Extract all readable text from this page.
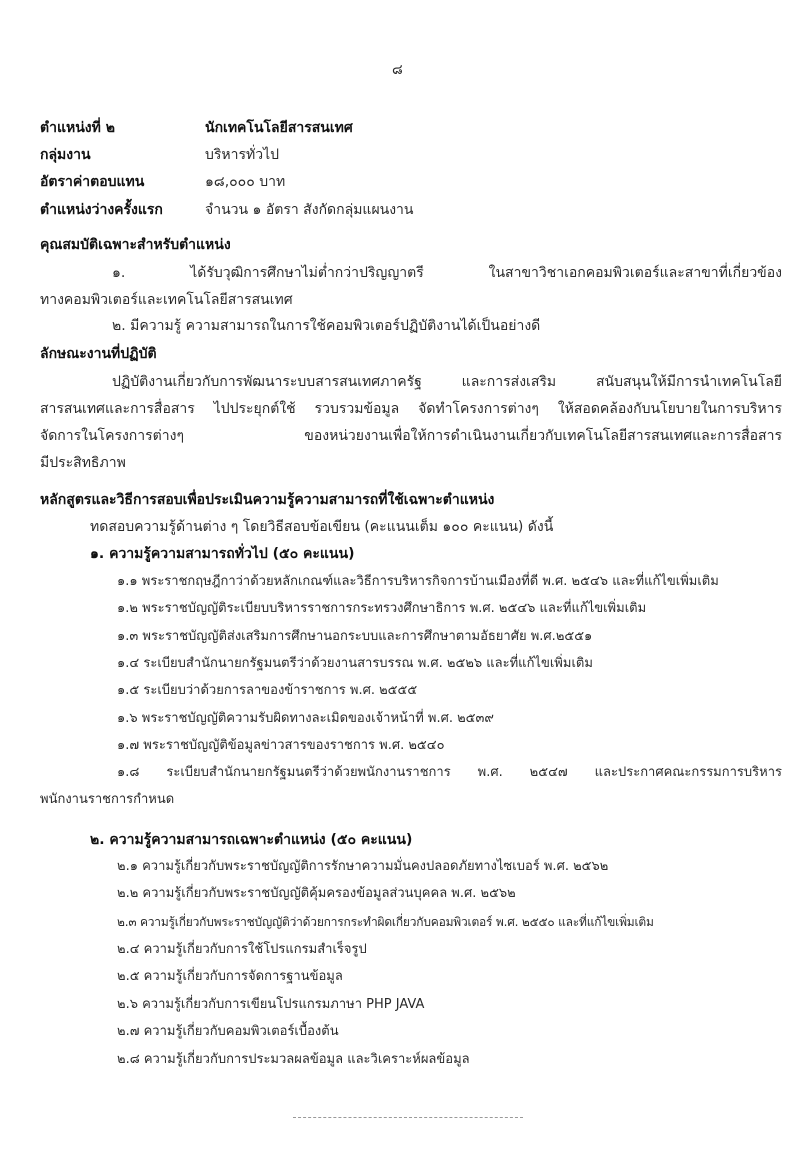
๘
ตำแหน่งที่ ๒	นักเทคโนโลยีสารสนเทศ
กลุ่มงาน	บริหารทั่วไป
อัตราค่าตอบแทน	๑๘,๐๐๐ บาท
ตำแหน่งว่างครั้งแรก	จำนวน ๑ อัตรา สังกัดกลุ่มแผนงาน
คุณสมบัติเฉพาะสำหรับตำแหน่ง
๑. ได้รับวุฒิการศึกษาไม่ต่ำกว่าปริญญาตรี ในสาขาวิชาเอกคอมพิวเตอร์และสาขาที่เกี่ยวข้อง
ทางคอมพิวเตอร์และเทคโนโลยีสารสนเทศ
๒. มีความรู้ ความสามารถในการใช้คอมพิวเตอร์ปฏิบัติงานได้เป็นอย่างดี
ลักษณะงานที่ปฏิบัติ
ปฏิบัติงานเกี่ยวกับการพัฒนาระบบสารสนเทศภาครัฐ และการส่งเสริม สนับสนุนให้มีการนำเทคโนโลยี
สารสนเทศและการสื่อสาร ไปประยุกต์ใช้ รวบรวมข้อมูล จัดทำโครงการต่างๆ ให้สอดคล้องกับนโยบายในการบริหาร
จัดการในโครงการต่างๆ ของหน่วยงานเพื่อให้การดำเนินงานเกี่ยวกับเทคโนโลยีสารสนเทศและการสื่อสาร
มีประสิทธิภาพ
หลักสูตรและวิธีการสอบเพื่อประเมินความรู้ความสามารถที่ใช้เฉพาะตำแหน่ง
ทดสอบความรู้ด้านต่าง ๆ โดยวิธีสอบข้อเขียน (คะแนนเต็ม ๑๐๐ คะแนน) ดังนี้
๑. ความรู้ความสามารถทั่วไป (๕๐ คะแนน)
๑.๑ พระราชกฤษฎีกาว่าด้วยหลักเกณฑ์และวิธีการบริหารกิจการบ้านเมืองที่ดี พ.ศ. ๒๕๔๖ และที่แก้ไขเพิ่มเติม
๑.๒ พระราชบัญญัติระเบียบบริหารราชการกระทรวงศึกษาธิการ พ.ศ. ๒๕๔๖ และที่แก้ไขเพิ่มเติม
๑.๓ พระราชบัญญัติส่งเสริมการศึกษานอกระบบและการศึกษาตามอัธยาศัย พ.ศ.๒๕๕๑
๑.๔ ระเบียบสำนักนายกรัฐมนตรีว่าด้วยงานสารบรรณ พ.ศ. ๒๕๒๖ และที่แก้ไขเพิ่มเติม
๑.๕ ระเบียบว่าด้วยการลาของข้าราชการ พ.ศ. ๒๕๕๕
๑.๖ พระราชบัญญัติความรับผิดทางละเมิดของเจ้าหน้าที่ พ.ศ. ๒๕๓๙
๑.๗ พระราชบัญญัติข้อมูลข่าวสารของราชการ พ.ศ. ๒๕๔๐
๑.๘ ระเบียบสำนักนายกรัฐมนตรีว่าด้วยพนักงานราชการ พ.ศ. ๒๕๔๗ และประกาศคณะกรรมการบริหาร
พนักงานราชการกำหนด
๒. ความรู้ความสามารถเฉพาะตำแหน่ง (๕๐ คะแนน)
๒.๑ ความรู้เกี่ยวกับพระราชบัญญัติการรักษาความมั่นคงปลอดภัยทางไซเบอร์ พ.ศ. ๒๕๖๒
๒.๒ ความรู้เกี่ยวกับพระราชบัญญัติคุ้มครองข้อมูลส่วนบุคคล พ.ศ. ๒๕๖๒
๒.๓ ความรู้เกี่ยวกับพระราชบัญญัติว่าด้วยการกระทำผิดเกี่ยวกับคอมพิวเตอร์ พ.ศ. ๒๕๕๐ และที่แก้ไขเพิ่มเติม
๒.๔ ความรู้เกี่ยวกับการใช้โปรแกรมสำเร็จรูป
๒.๕ ความรู้เกี่ยวกับการจัดการฐานข้อมูล
๒.๖ ความรู้เกี่ยวกับการเขียนโปรแกรมภาษา PHP JAVA
๒.๗ ความรู้เกี่ยวกับคอมพิวเตอร์เบื้องต้น
๒.๘ ความรู้เกี่ยวกับการประมวลผลข้อมูล และวิเคราะห์ผลข้อมูล
